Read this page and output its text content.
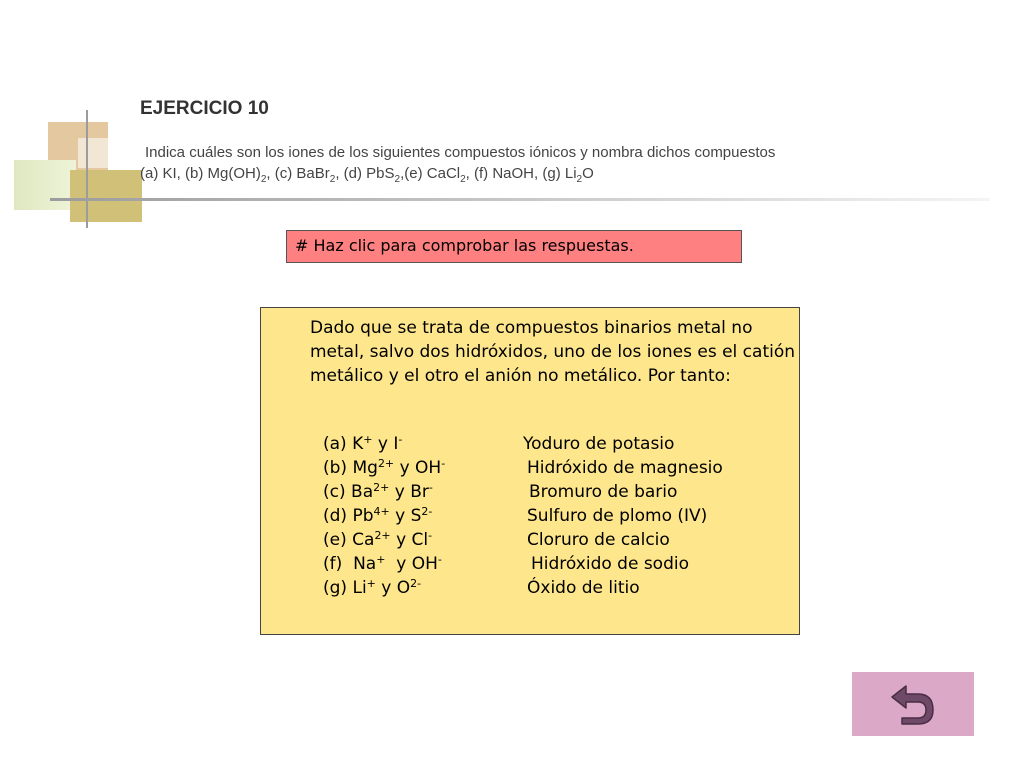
EJERCICIO 10
Indica cuáles son los iones de los siguientes compuestos iónicos y nombra dichos compuestos
(a) KI, (b) $Mg(OH)_2$, (c) BaBr$_2$, (d) PbS$_2$,(e) CaCl$_2$, (f) NaOH, (g) $Li_2O$
# Haz clic para comprobar las respuestas.

Dado que se trata de compuestos binarios metal no metal, salvo dos hidróxidos, uno de los iones es el catión metálico y el otro el anión no metálico. Por tanto:

(a) K+ y I-	Yoduro de potasio
(b) $Mg^{2+}$ y OH-	Hidróxido de magnesio
(c) $Ba^{2+}$ y Br-	Bromuro de bario
(d) $Pb^{4+}$ y $S^{2-}$	Sulfuro de plomo (IV)
(e) $Ca^{2+}$ y Cl-	Cloruro de calcio
(f) Na+ y OH-	Hidróxido de sodio
(g) Li+ y $O^{2-}$	Óxido de litio
